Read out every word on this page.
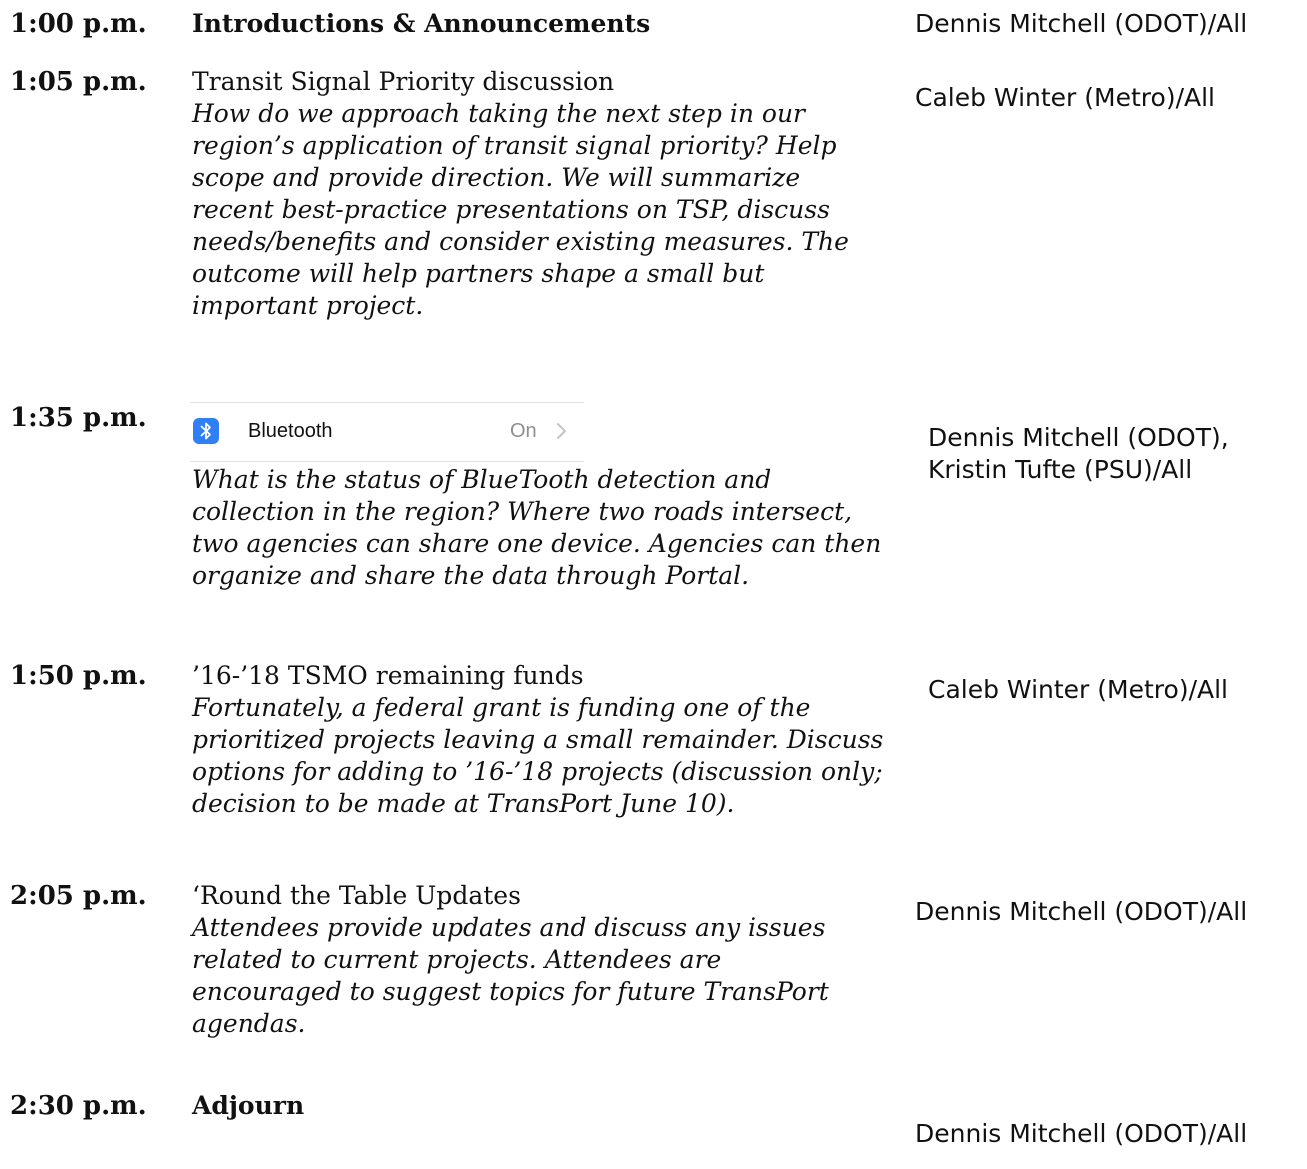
1:00 p.m. Introductions & Announcements	Dennis Mitchell (ODOT)/All
1:05 p.m. Transit Signal Priority discussion
How do we approach taking the next step in our
region’s application of transit signal priority? Help
scope and provide direction. We will summarize
recent best-practice presentations on TSP, discuss
needs/benefits and consider existing measures. The
outcome will help partners shape a small but
important project.
Caleb Winter (Metro)/All
1:35 p.m.	Bluetooth	On
What is the status of BlueTooth detection and
collection in the region? Where two roads intersect,
two agencies can share one device. Agencies can then
organize and share the data through Portal.
Dennis Mitchell (ODOT),
Kristin Tufte (PSU)/All
1:50 p.m. ’16-’18 TSMO remaining funds
Fortunately, a federal grant is funding one of the
prioritized projects leaving a small remainder. Discuss
options for adding to ’16-’18 projects (discussion only;
decision to be made at TransPort June 10).
Caleb Winter (Metro)/All
2:05 p.m. ‘Round the Table Updates
Attendees provide updates and discuss any issues
related to current projects. Attendees are
encouraged to suggest topics for future TransPort
agendas.
Dennis Mitchell (ODOT)/All
2:30 p.m. Adjourn
Dennis Mitchell (ODOT)/All
